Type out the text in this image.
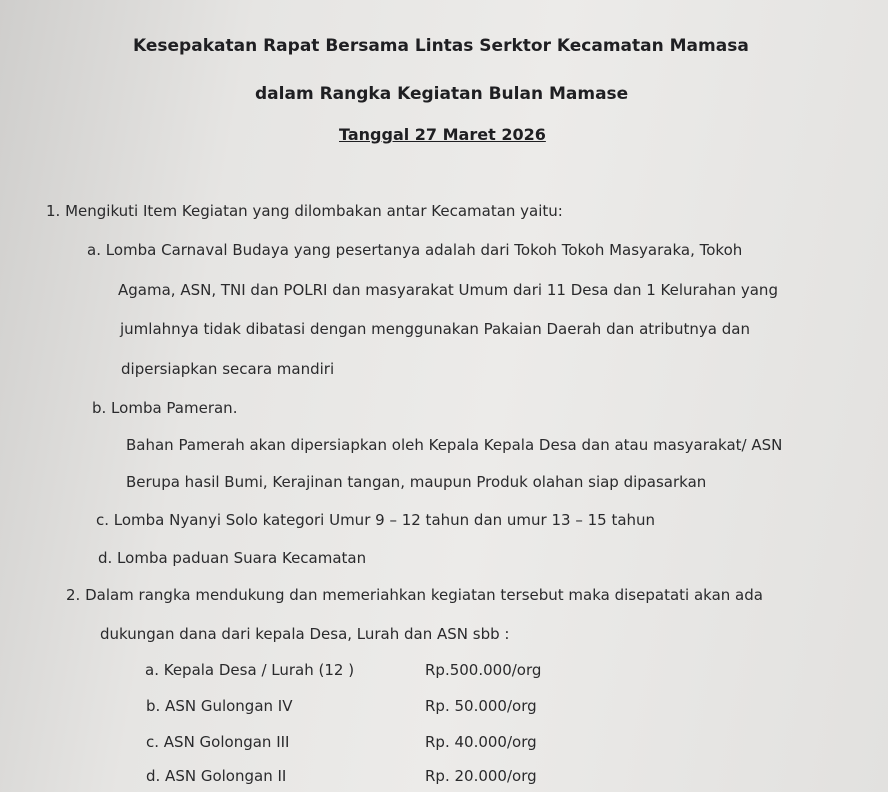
Kesepakatan Rapat Bersama Lintas Serktor Kecamatan Mamasa
dalam Rangka Kegiatan Bulan Mamase
Tanggal 27 Maret 2026
1. Mengikuti Item Kegiatan yang dilombakan antar Kecamatan yaitu:
a. Lomba Carnaval Budaya yang pesertanya adalah dari Tokoh Tokoh Masyaraka, Tokoh
Agama, ASN, TNI dan POLRI dan masyarakat Umum dari 11 Desa dan 1 Kelurahan yang
jumlahnya tidak dibatasi dengan menggunakan Pakaian Daerah dan atributnya dan
dipersiapkan secara mandiri
b. Lomba Pameran.
Bahan Pamerah akan dipersiapkan oleh Kepala Kepala Desa dan atau masyarakat/ ASN
Berupa hasil Bumi, Kerajinan tangan, maupun Produk olahan siap dipasarkan
c. Lomba Nyanyi Solo kategori Umur 9 – 12 tahun dan umur 13 – 15 tahun
d. Lomba paduan Suara Kecamatan
2. Dalam rangka mendukung dan memeriahkan kegiatan tersebut maka disepatati akan ada
dukungan dana dari kepala Desa, Lurah dan ASN sbb :
a. Kepala Desa / Lurah (12 )	Rp.500.000/org
b. ASN Gulongan IV	Rp. 50.000/org
c. ASN Golongan III	Rp. 40.000/org
d. ASN Golongan II	Rp. 20.000/org
